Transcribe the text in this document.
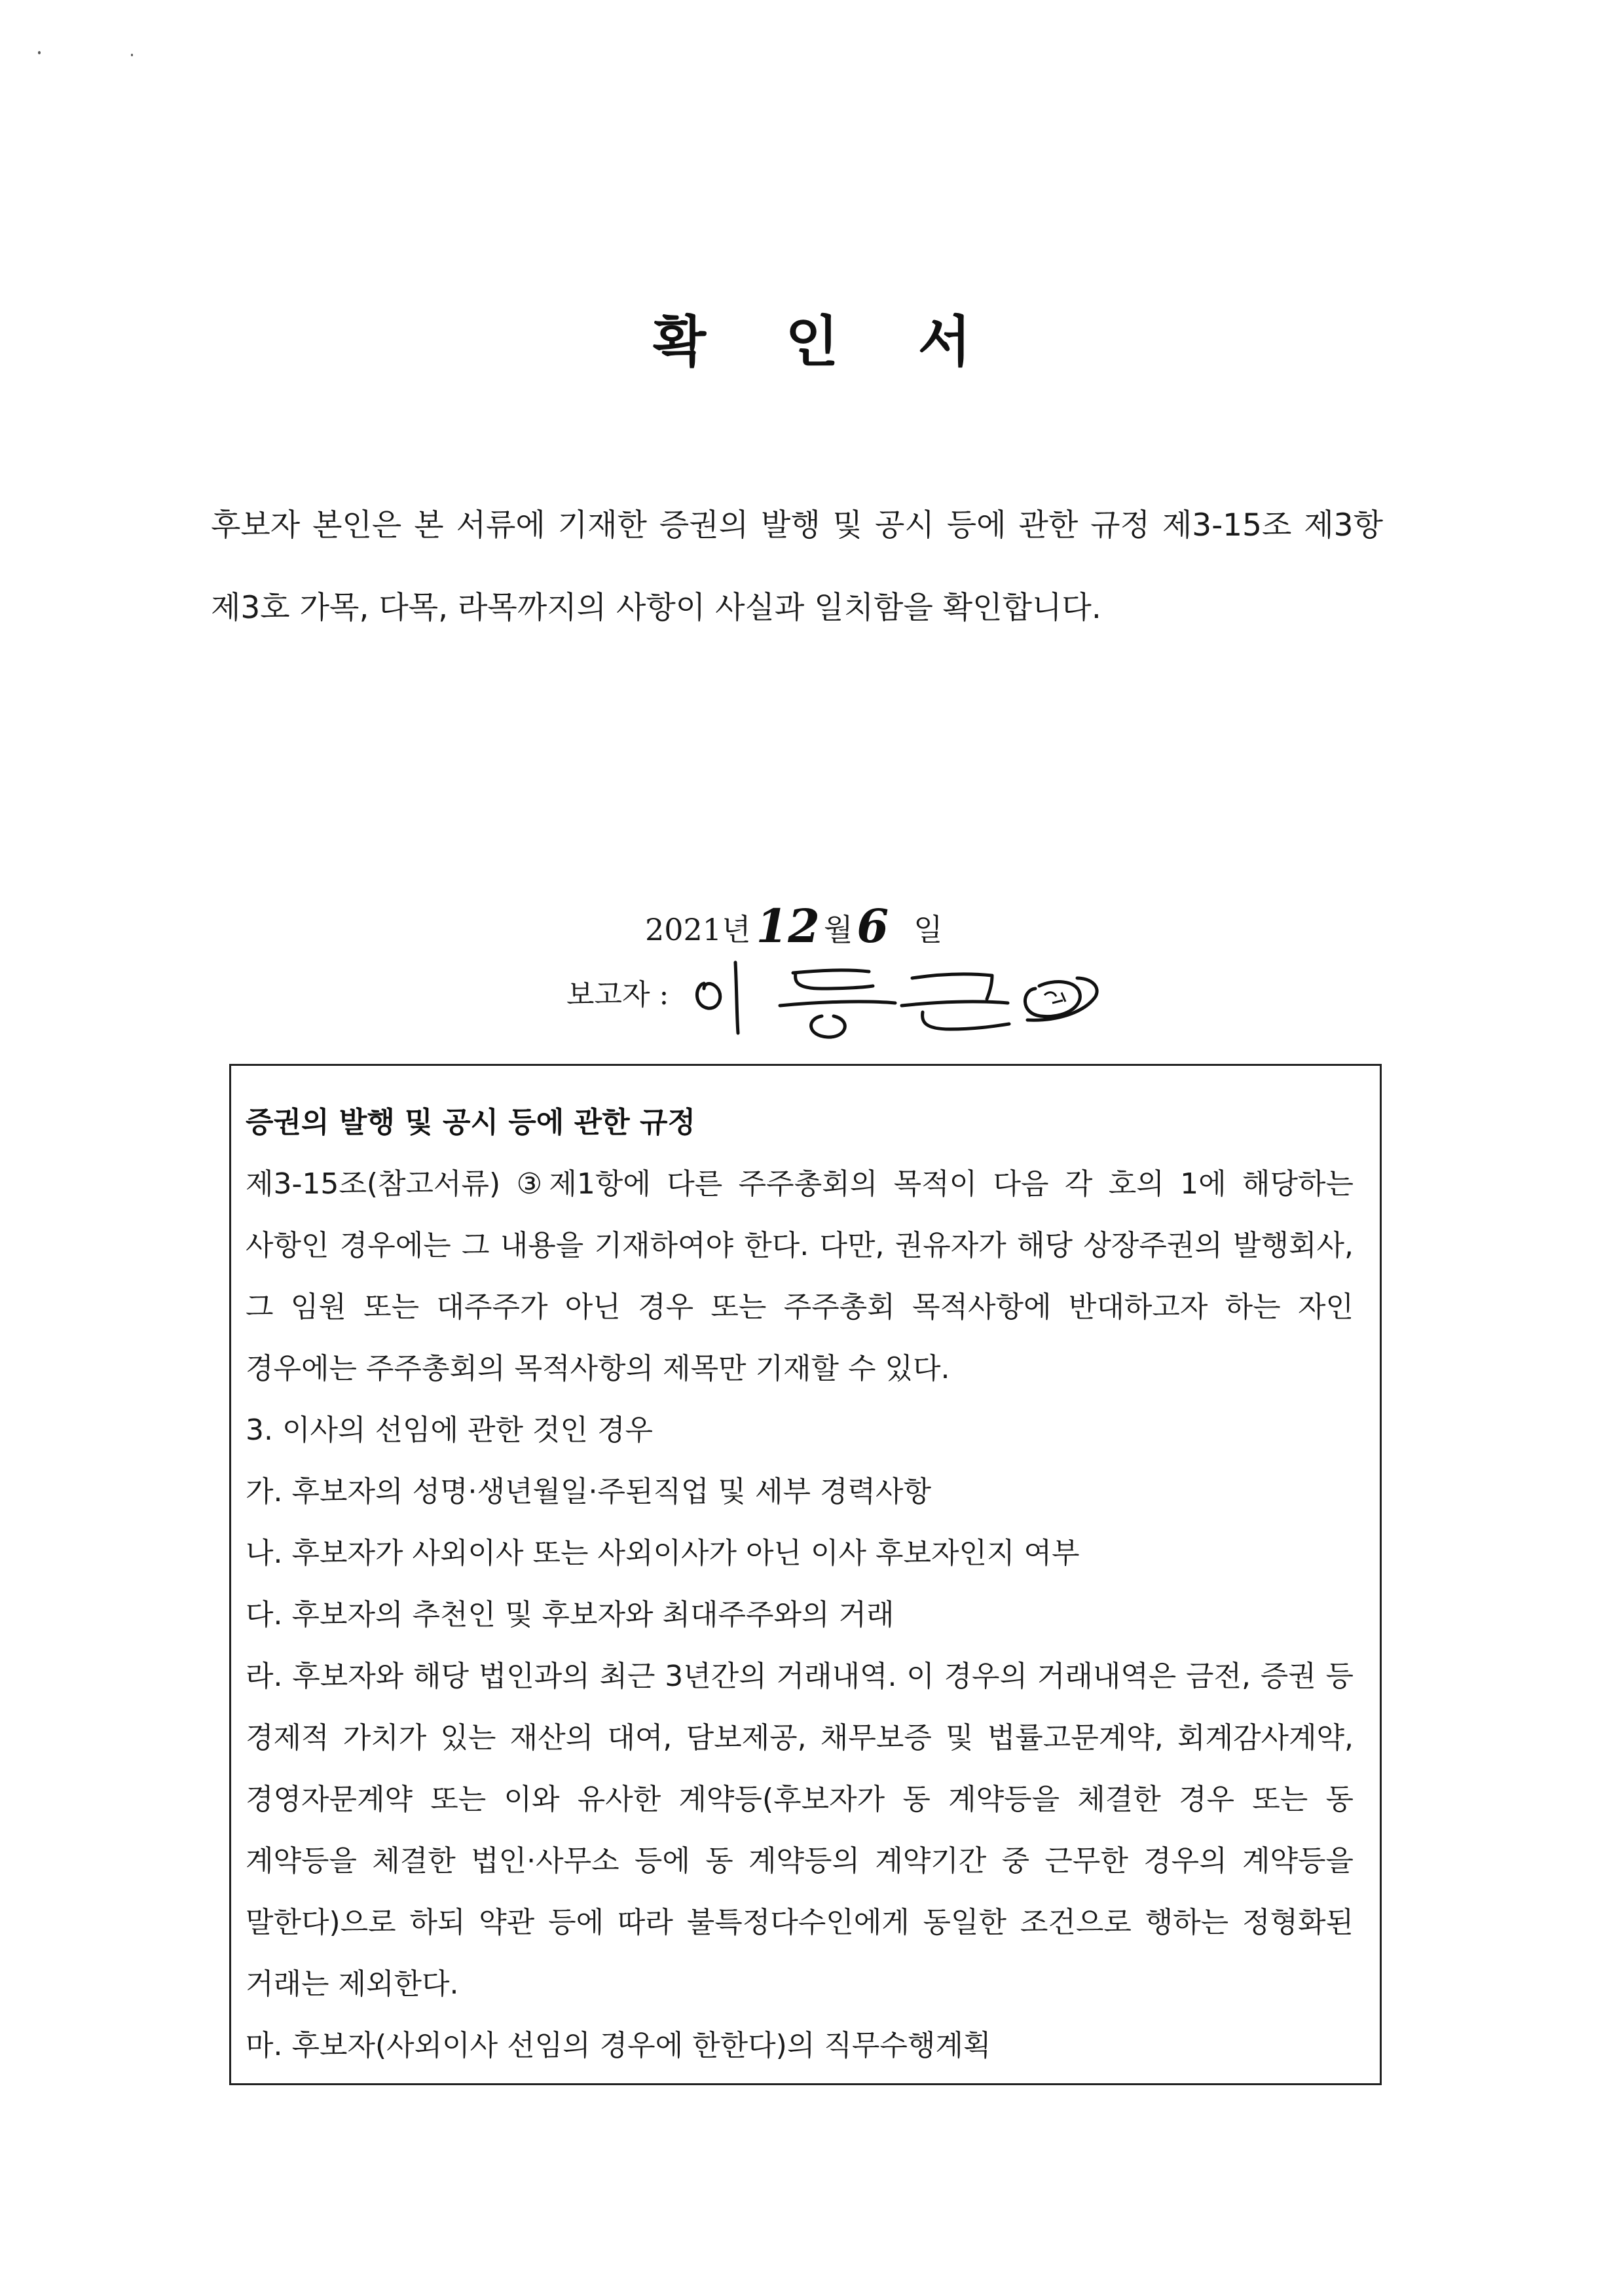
확 인 서
후보자 본인은 본 서류에 기재한 증권의 발행 및 공시 등에 관한 규정 제3-15조 제3항 제3호 가목, 다목, 라목까지의 사항이 사실과 일치함을 확인합니다.
2021년 12 월 6 일
보고자 :

증권의 발행 및 공시 등에 관한 규정

제3-15조(참고서류) ③제1항에 다른 주주총회의 목적이 다음 각 호의 1에 해당하는 사항인 경우에는 그 내용을 기재하여야 한다. 다만, 권유자가 해당 상장주권의 발행회사, 그 임원 또는 대주주가 아닌 경우 또는 주주총회 목적사항에 반대하고자 하는 자인 경우에는 주주총회의 목적사항의 제목만 기재할 수 있다.

3. 이사의 선임에 관한 것인 경우

가. 후보자의 성명·생년월일·주된직업 및 세부 경력사항

나. 후보자가 사외이사 또는 사외이사가 아닌 이사 후보자인지 여부

다. 후보자의 추천인 및 후보자와 최대주주와의 거래

라. 후보자와 해당 법인과의 최근 3년간의 거래내역. 이 경우의 거래내역은 금전, 증권 등 경제적 가치가 있는 재산의 대여, 담보제공, 채무보증 및 법률고문계약, 회계감사계약, 경영자문계약 또는 이와 유사한 계약등(후보자가 동 계약등을 체결한 경우 또는 동 계약등을 체결한 법인·사무소 등에 동 계약등의 계약기간 중 근무한 경우의 계약등을 말한다)으로 하되 약관 등에 따라 불특정다수인에게 동일한 조건으로 행하는 정형화된 거래는 제외한다.

마. 후보자(사외이사 선임의 경우에 한한다)의 직무수행계획
